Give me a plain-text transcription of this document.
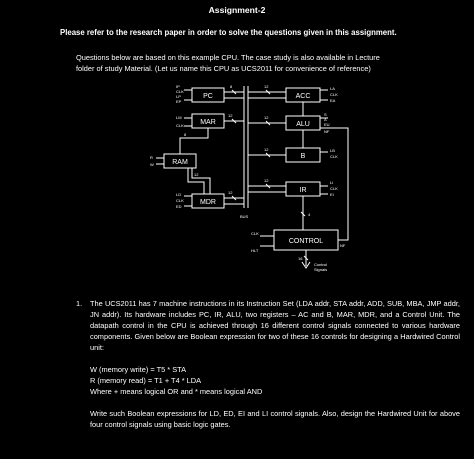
Assignment-2
Please refer to the research paper in order to solve the questions given in this assignment.
Questions below are based on this example CPU. The case study is also available in Lecture
folder of study Material. (Let us name this CPU as UCS2011 for convenience of reference)
PC
MAR
RAM
MDR
ACC
ALU
B
IR
CONTROL
BUS
IP
CLK
LP
EP
LM
CLK
R
W
LD
CLK
ED
LA
CLK
EA
S
A
EU
NF
LB
CLK
LI
CLK
EI
CLK
HLT
NF
Control
Signals
8	12
12
12
8
12
12
12
12
4
16
1. The UCS2011 has 7 machine instructions in its Instruction Set (LDA addr, STA addr, ADD, SUB, MBA, JMP addr, JN addr). Its hardware includes PC, IR, ALU, two registers – AC and B, MAR, MDR, and a Control Unit. The datapath control in the CPU is achieved through 16 different control signals connected to various hardware components. Given below are Boolean expression for two of these 16 controls for designing a Hardwired Control unit:

W (memory write) = T5 * STA

R (memory read) = T1 + T4 * LDA

Where + means logical OR and * means logical AND

Write such Boolean expressions for LD, ED, EI and LI control signals. Also, design the Hardwired Unit for above four control signals using basic logic gates.
